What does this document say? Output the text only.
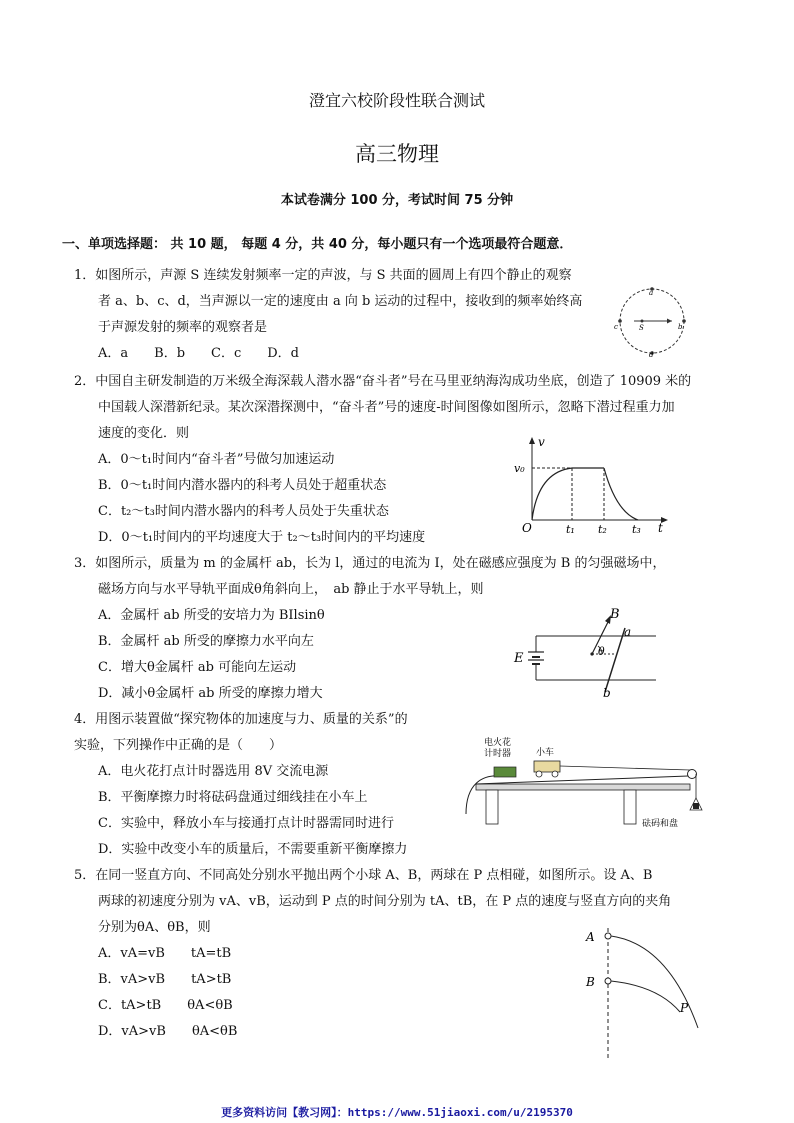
澄宜六校阶段性联合测试
高三物理
本试卷满分 100 分，考试时间 75 分钟
一、单项选择题： 共 10 题， 每题 4 分，共 40 分，每小题只有一个选项最符合题意．
1．如图所示，声源 S 连续发射频率一定的声波，与 S 共面的圆周上有四个静止的观察
者 a、b、c、d，当声源以一定的速度由 a 向 b 运动的过程中，接收到的频率始终高
于声源发射的频率的观察者是
A．a　　B．b　　C．c　　D．d
a
b
c
d
S
2．中国自主研发制造的万米级全海深载人潜水器“奋斗者”号在马里亚纳海沟成功坐底，创造了 10909 米的
中国载人深潜新纪录。某次深潜探测中，“奋斗者”号的速度-时间图像如图所示，忽略下潜过程重力加
速度的变化．则
A．0～t₁时间内“奋斗者”号做匀加速运动
B．0～t₁时间内潜水器内的科考人员处于超重状态
C．t₂～t₃时间内潜水器内的科考人员处于失重状态
D．0～t₁时间内的平均速度大于 t₂～t₃时间内的平均速度
v
v₀
O	t₁ t₂ t₃ t
3．如图所示，质量为 m 的金属杆 ab，长为 l，通过的电流为 I，处在磁感应强度为 B 的匀强磁场中，
磁场方向与水平导轨平面成θ角斜向上，　ab 静止于水平导轨上，则
A．金属杆 ab 所受的安培力为 BIlsinθ
B．金属杆 ab 所受的摩擦力水平向左
C．增大θ金属杆 ab 可能向左运动
D．减小θ金属杆 ab 所受的摩擦力增大
B
a
b
E	θ
4．用图示装置做“探究物体的加速度与力、质量的关系”的
实验，下列操作中正确的是（　　）
A．电火花打点计时器选用 8V 交流电源
B．平衡摩擦力时将砝码盘通过细线挂在小车上
C．实验中，释放小车与接通打点计时器需同时进行
D．实验中改变小车的质量后，不需要重新平衡摩擦力
电火花
计时器	小车
砝码和盘
5．在同一竖直方向、不同高处分别水平抛出两个小球 A、B，两球在 P 点相碰，如图所示。设 A、B
两球的初速度分别为 vA、vB，运动到 P 点的时间分别为 tA、tB，在 P 点的速度与竖直方向的夹角
分别为θA、θB，则
A．vA=vB　　tA=tB
B．vA>vB　　tA>tB
C．tA>tB　　θA<θB
D．vA>vB　　θA<θB
A
B
P
更多资料访问【教习网】：https://www.51jiaoxi.com/u/2195370
